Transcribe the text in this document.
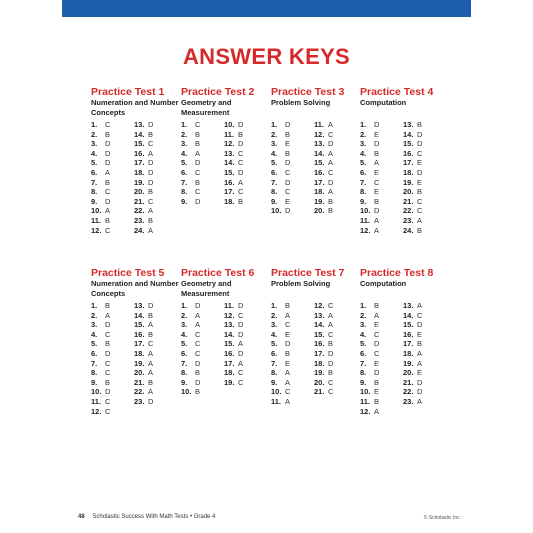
ANSWER KEYS
Practice Test 1
Numeration and Number Concepts
1. C
2. B
3. D
4. D
5. D
6. A
7. B
8. C
9. D
10. A
11. B
12. C
13. D
14. B
15. C
16. A
17. D
18. D
19. D
20. B
21. C
22. A
23. B
24. A
Practice Test 2
Geometry and Measurement
1. C
2. B
3. B
4. A
5. D
6. C
7. B
8. C
9. D
10. D
11. B
12. D
13. C
14. C
15. D
16. A
17. C
18. B
Practice Test 3
Problem Solving
1. D
2. B
3. E
4. B
5. D
6. C
7. D
8. C
9. E
10. D
11. A
12. C
13. D
14. A
15. A
16. C
17. D
18. A
19. B
20. B
Practice Test 4
Computation
1. D
2. E
3. D
4. B
5. A
6. E
7. C
8. E
9. B
10. D
11. A
12. A
13. B
14. D
15. D
16. C
17. E
18. D
19. E
20. B
21. C
22. C
23. A
24. B
Practice Test 5
Numeration and Number Concepts
1. B
2. A
3. D
4. C
5. B
6. D
7. C
8. C
9. B
10. D
11. C
12. C
13. D
14. B
15. A
16. B
17. C
18. A
19. A
20. A
21. B
22. A
23. D
Practice Test 6
Geometry and Measurement
1. D
2. A
3. A
4. C
5. C
6. C
7. D
8. B
9. D
10. B
11. D
12. C
13. D
14. D
15. A
16. D
17. A
18. C
19. C
Practice Test 7
Problem Solving
1. B
2. A
3. C
4. E
5. D
6. B
7. E
8. A
9. A
10. C
11. A
12. C
13. A
14. A
15. C
16. B
17. D
18. D
19. B
20. C
21. C
Practice Test 8
Computation
1. B
2. A
3. E
4. C
5. D
6. C
7. E
8. D
9. B
10. E
11. B
12. A
13. A
14. C
15. D
16. E
17. B
18. A
19. A
20. E
21. D
22. D
23. A
48 Scholastic Success With Math Tests • Grade 4	© Scholastic Inc.
